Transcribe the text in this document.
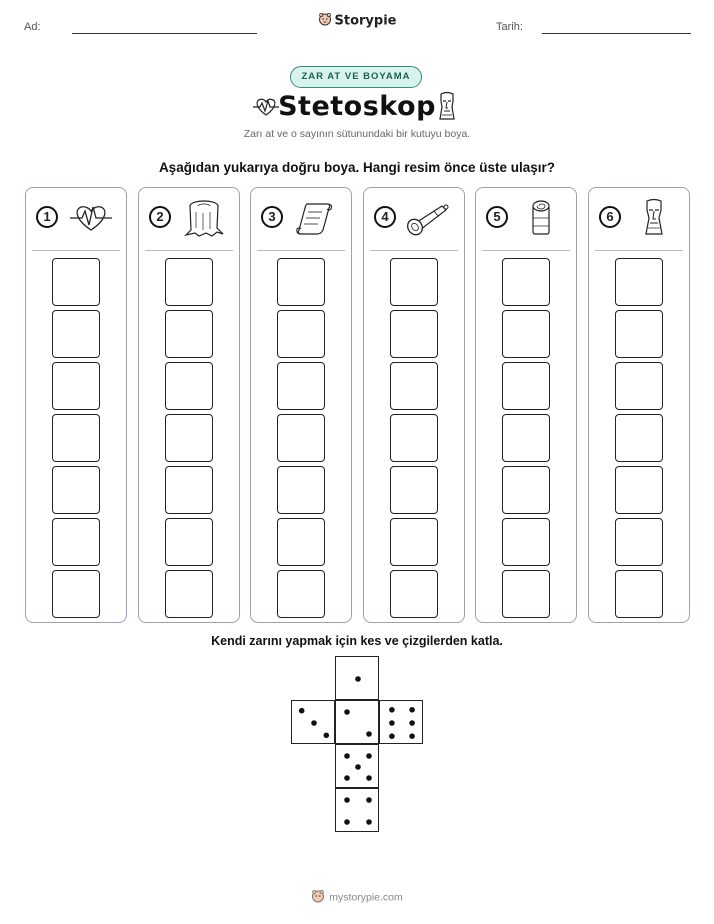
Ad:	Storypie	Tarih:
ZAR AT VE BOYAMA
Stetoskop
Zarı at ve o sayının sütunundaki bir kutuyu boya.
Aşağıdan yukarıya doğru boya. Hangi resim önce üste ulaşır?
1	2	3	4	5	6
Kendi zarını yapmak için kes ve çizgilerden katla.
mystorypie.com
